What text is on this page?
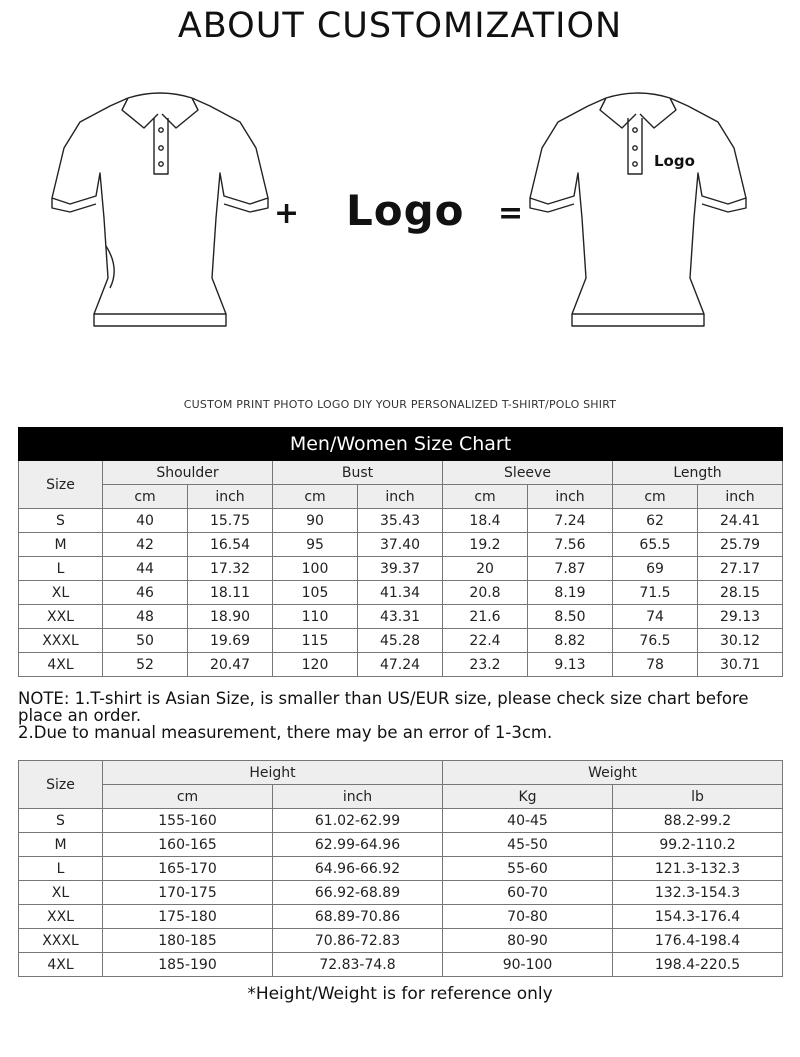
ABOUT CUSTOMIZATION
+ Logo =
Logo
CUSTOM PRINT PHOTO LOGO DIY YOUR PERSONALIZED T-SHIRT/POLO SHIRT
Men/Women Size Chart								
Size	Shoulder		Bust		Sleeve		Length	
	cm	inch	cm	inch	cm	inch	cm	inch
S	40	15.75	90	35.43	18.4	7.24	62	24.41
M	42	16.54	95	37.40	19.2	7.56	65.5	25.79
L	44	17.32	100	39.37	20	7.87	69	27.17
XL	46	18.11	105	41.34	20.8	8.19	71.5	28.15
XXL	48	18.90	110	43.31	21.6	8.50	74	29.13
XXXL	50	19.69	115	45.28	22.4	8.82	76.5	30.12
4XL	52	20.47	120	47.24	23.2	9.13	78	30.71
NOTE: 1.T-shirt is Asian Size, is smaller than US/EUR size, please check size chart before place an order.
2.Due to manual measurement, there may be an error of 1-3cm.
Size	Height		Weight	
	cm	inch	Kg	lb
S	155-160	61.02-62.99	40-45	88.2-99.2
M	160-165	62.99-64.96	45-50	99.2-110.2
L	165-170	64.96-66.92	55-60	121.3-132.3
XL	170-175	66.92-68.89	60-70	132.3-154.3
XXL	175-180	68.89-70.86	70-80	154.3-176.4
XXXL	180-185	70.86-72.83	80-90	176.4-198.4
4XL	185-190	72.83-74.8	90-100	198.4-220.5
*Height/Weight is for reference only
